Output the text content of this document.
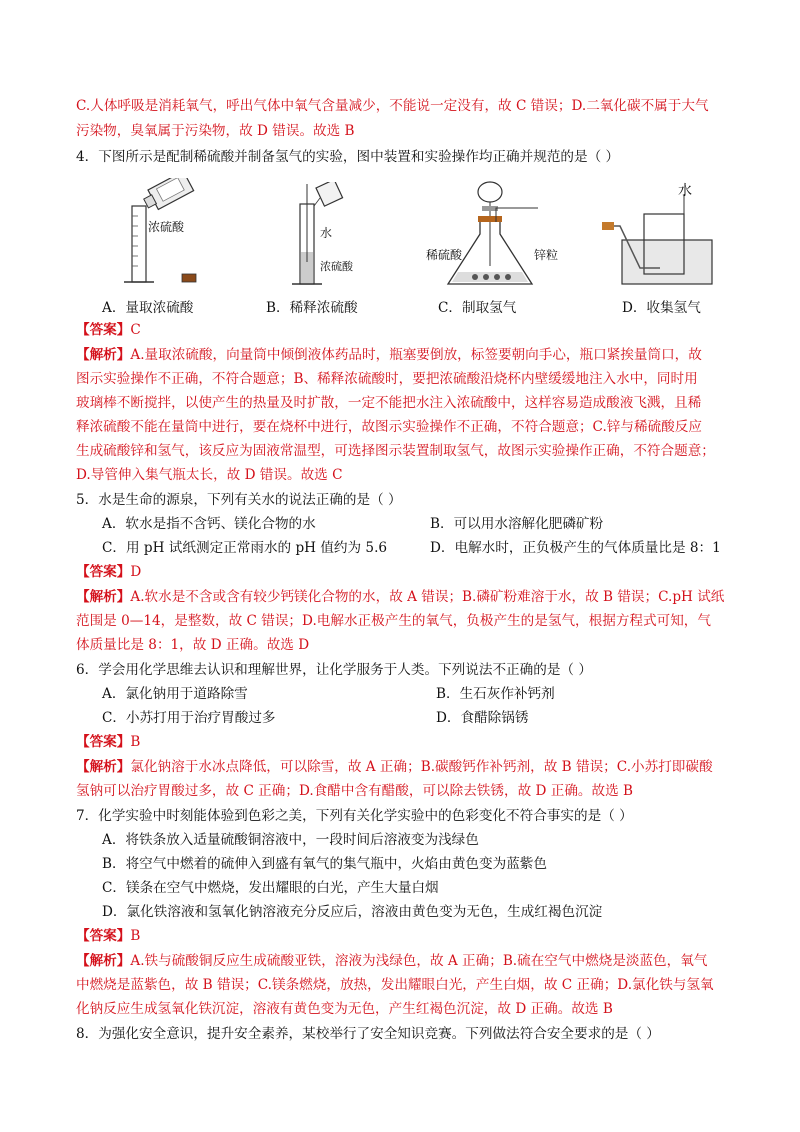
C.人体呼吸是消耗氧气，呼出气体中氧气含量减少，不能说一定没有，故 C 错误；D.二氧化碳不属于大气
污染物，臭氧属于污染物，故 D 错误。故选 B
4．下图所示是配制稀硫酸并制备氢气的实验，图中装置和实验操作均正确并规范的是（ ）
浓硫酸	水
浓硫酸
稀硫酸	锌粒
水
A．量取浓硫酸	B．稀释浓硫酸	C．制取氢气	D．收集氢气
【答案】C
【解析】A.量取浓硫酸，向量筒中倾倒液体药品时，瓶塞要倒放，标签要朝向手心，瓶口紧挨量筒口，故
图示实验操作不正确，不符合题意；B、稀释浓硫酸时，要把浓硫酸沿烧杯内壁缓缓地注入水中，同时用
玻璃棒不断搅拌，以使产生的热量及时扩散，一定不能把水注入浓硫酸中，这样容易造成酸液飞溅，且稀
释浓硫酸不能在量筒中进行，要在烧杯中进行，故图示实验操作不正确，不符合题意；C.锌与稀硫酸反应
生成硫酸锌和氢气，该反应为固液常温型，可选择图示装置制取氢气，故图示实验操作正确，不符合题意；
D.导管伸入集气瓶太长，故 D 错误。故选 C
5．水是生命的源泉，下列有关水的说法正确的是（ ）
A．软水是指不含钙、镁化合物的水	B．可以用水溶解化肥磷矿粉
C．用 pH 试纸测定正常雨水的 pH 值约为 5.6	D．电解水时，正负极产生的气体质量比是 8：1
【答案】D
【解析】A.软水是不含或含有较少钙镁化合物的水，故 A 错误；B.磷矿粉难溶于水，故 B 错误；C.pH 试纸
范围是 0—14，是整数，故 C 错误；D.电解水正极产生的氧气，负极产生的是氢气，根据方程式可知，气
体质量比是 8：1，故 D 正确。故选 D
6．学会用化学思维去认识和理解世界，让化学服务于人类。下列说法不正确的是（ ）
A．氯化钠用于道路除雪	B．生石灰作补钙剂
C．小苏打用于治疗胃酸过多	D．食醋除锅锈
【答案】B
【解析】氯化钠溶于水冰点降低，可以除雪，故 A 正确；B.碳酸钙作补钙剂，故 B 错误；C.小苏打即碳酸
氢钠可以治疗胃酸过多，故 C 正确；D.食醋中含有醋酸，可以除去铁锈，故 D 正确。故选 B
7．化学实验中时刻能体验到色彩之美，下列有关化学实验中的色彩变化不符合事实的是（ ）
A．将铁条放入适量硫酸铜溶液中，一段时间后溶液变为浅绿色
B．将空气中燃着的硫伸入到盛有氧气的集气瓶中，火焰由黄色变为蓝紫色
C．镁条在空气中燃烧，发出耀眼的白光，产生大量白烟
D．氯化铁溶液和氢氧化钠溶液充分反应后，溶液由黄色变为无色，生成红褐色沉淀
【答案】B
【解析】A.铁与硫酸铜反应生成硫酸亚铁，溶液为浅绿色，故 A 正确；B.硫在空气中燃烧是淡蓝色，氧气
中燃烧是蓝紫色，故 B 错误；C.镁条燃烧，放热，发出耀眼白光，产生白烟，故 C 正确；D.氯化铁与氢氧
化钠反应生成氢氧化铁沉淀，溶液有黄色变为无色，产生红褐色沉淀，故 D 正确。故选 B
8．为强化安全意识，提升安全素养，某校举行了安全知识竞赛。下列做法符合安全要求的是（ ）
